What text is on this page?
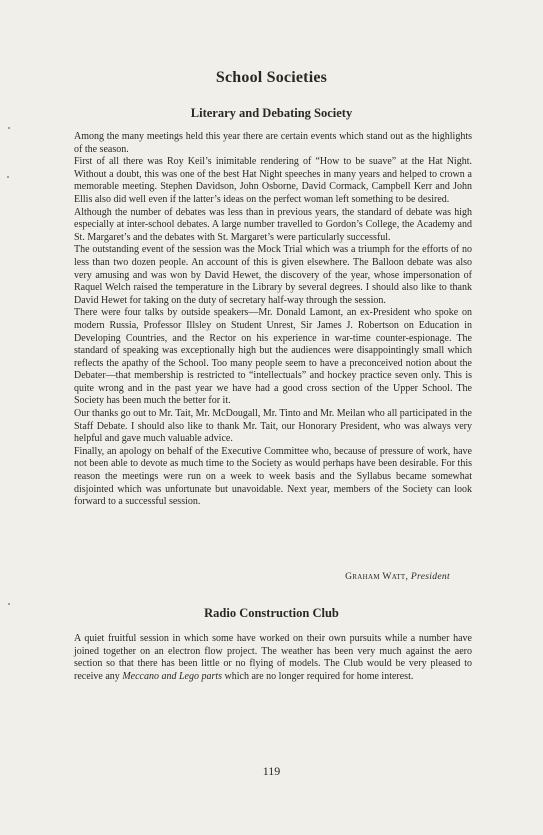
School Societies
Literary and Debating Society

Among the many meetings held this year there are certain events which stand out as the highlights of the season.

First of all there was Roy Keil’s inimitable rendering of “How to be suave” at the Hat Night. Without a doubt, this was one of the best Hat Night speeches in many years and helped to crown a memorable meeting. Stephen Davidson, John Osborne, David Cormack, Campbell Kerr and John Ellis also did well even if the latter’s ideas on the perfect woman left something to be desired.

Although the number of debates was less than in previous years, the standard of debate was high especially at inter-school debates. A large number travelled to Gordon’s College, the Academy and St. Margaret’s and the debates with St. Margaret’s were particularly successful.

The outstanding event of the session was the Mock Trial which was a triumph for the efforts of no less than two dozen people. An account of this is given elsewhere. The Balloon debate was also very amusing and was won by David Hewet, the discovery of the year, whose impersonation of Raquel Welch raised the temperature in the Library by several degrees. I should also like to thank David Hewet for taking on the duty of secretary half-way through the session.

There were four talks by outside speakers—Mr. Donald Lamont, an ex-President who spoke on modern Russia, Professor Illsley on Student Unrest, Sir James J. Robertson on Education in Developing Countries, and the Rector on his experience in war-time counter-espionage. The standard of speaking was exceptionally high but the audiences were disappointingly small which reflects the apathy of the School. Too many people seem to have a preconceived notion about the Debater—that membership is restricted to “intellectuals” and hockey practice seven only. This is quite wrong and in the past year we have had a good cross section of the Upper School. The Society has been much the better for it.

Our thanks go out to Mr. Tait, Mr. McDougall, Mr. Tinto and Mr. Meilan who all participated in the Staff Debate. I should also like to thank Mr. Tait, our Honorary President, who was always very helpful and gave much valuable advice.

Finally, an apology on behalf of the Executive Committee who, because of pressure of work, have not been able to devote as much time to the Society as would perhaps have been desirable. For this reason the meetings were run on a week to week basis and the Syllabus became somewhat disjointed which was unfortunate but unavoidable. Next year, members of the Society can look forward to a successful session.

Graham Watt, President
Radio Construction Club

A quiet fruitful session in which some have worked on their own pursuits while a number have joined together on an electron flow project. The weather has been very much against the aero section so that there has been little or no flying of models. The Club would be very pleased to receive any Meccano and Lego parts which are no longer required for home interest.

119
